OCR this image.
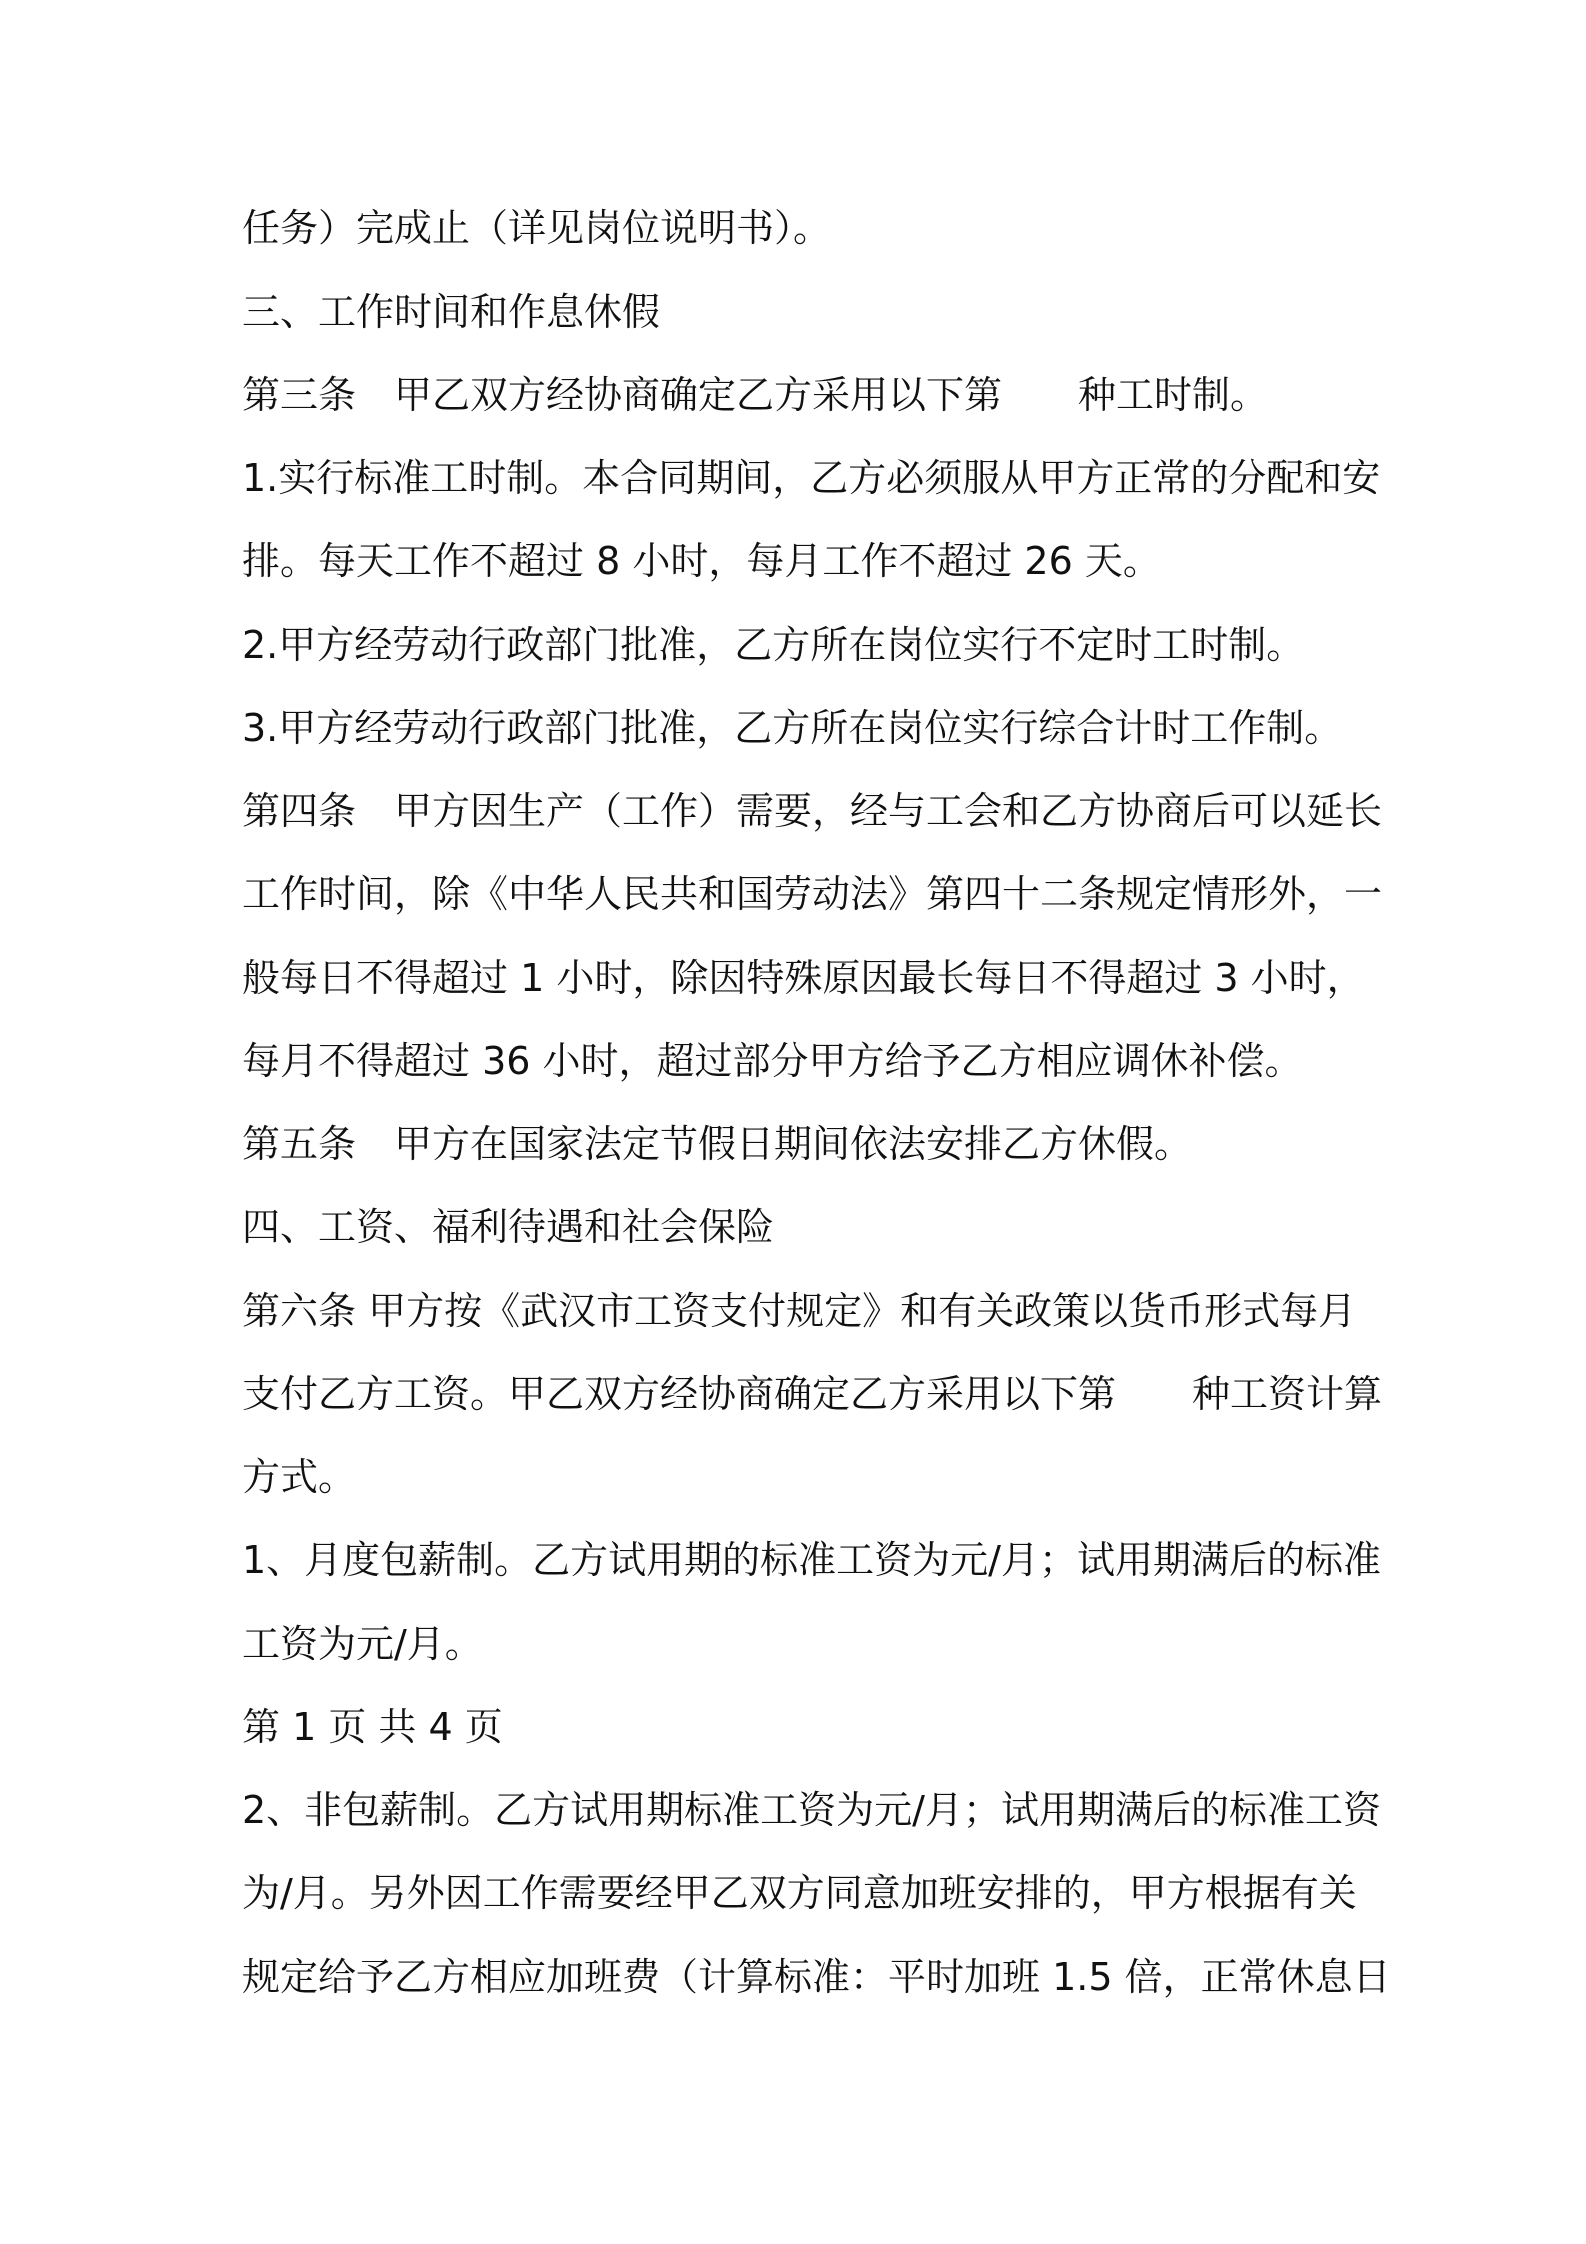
任务）完成止（详见岗位说明书）。
三、工作时间和作息休假
第三条　甲乙双方经协商确定乙方采用以下第　　种工时制。
1.实行标准工时制。本合同期间，乙方必须服从甲方正常的分配和安
排。每天工作不超过 8 小时，每月工作不超过 26 天。
2.甲方经劳动行政部门批准，乙方所在岗位实行不定时工时制。
3.甲方经劳动行政部门批准，乙方所在岗位实行综合计时工作制。
第四条　甲方因生产（工作）需要，经与工会和乙方协商后可以延长
工作时间，除《中华人民共和国劳动法》第四十二条规定情形外，一
般每日不得超过 1 小时，除因特殊原因最长每日不得超过 3 小时，
每月不得超过 36 小时，超过部分甲方给予乙方相应调休补偿。
第五条　甲方在国家法定节假日期间依法安排乙方休假。
四、工资、福利待遇和社会保险
第六条 甲方按《武汉市工资支付规定》和有关政策以货币形式每月
支付乙方工资。甲乙双方经协商确定乙方采用以下第　　种工资计算
方式。
1、月度包薪制。乙方试用期的标准工资为元/月；试用期满后的标准
工资为元/月。
第 1 页 共 4 页
2、非包薪制。乙方试用期标准工资为元/月；试用期满后的标准工资
为/月。另外因工作需要经甲乙双方同意加班安排的，甲方根据有关
规定给予乙方相应加班费（计算标准：平时加班 1.5 倍，正常休息日
